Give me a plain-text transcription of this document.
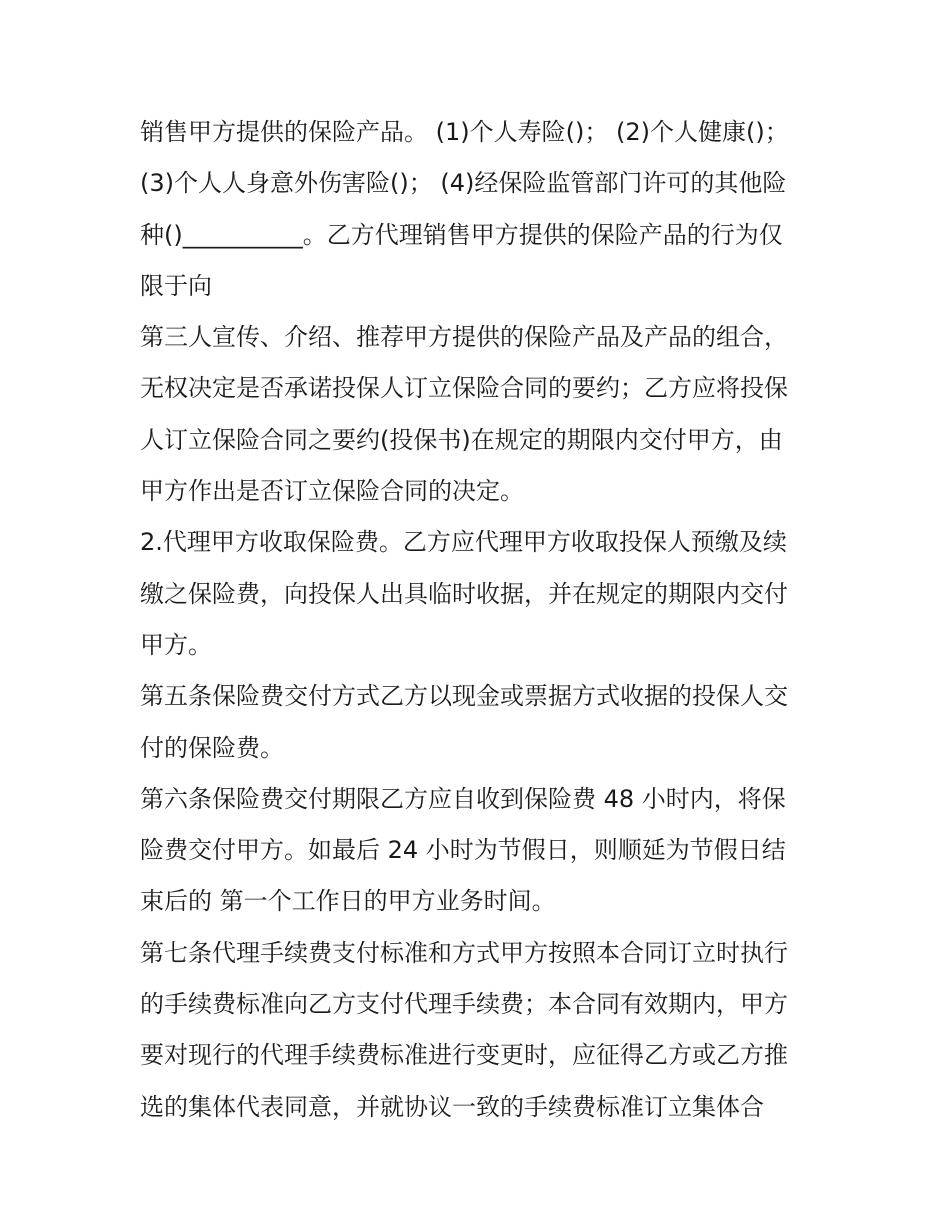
销售甲方提供的保险产品。 (1)个人寿险()； (2)个人健康()；
(3)个人人身意外伤害险()； (4)经保险监管部门许可的其他险
种()__________。乙方代理销售甲方提供的保险产品的行为仅
限于向
第三人宣传、介绍、推荐甲方提供的保险产品及产品的组合，
无权决定是否承诺投保人订立保险合同的要约；乙方应将投保
人订立保险合同之要约(投保书)在规定的期限内交付甲方，由
甲方作出是否订立保险合同的决定。
2.代理甲方收取保险费。乙方应代理甲方收取投保人预缴及续
缴之保险费，向投保人出具临时收据，并在规定的期限内交付
甲方。
第五条保险费交付方式乙方以现金或票据方式收据的投保人交
付的保险费。
第六条保险费交付期限乙方应自收到保险费 48 小时内，将保
险费交付甲方。如最后 24 小时为节假日，则顺延为节假日结
束后的 第一个工作日的甲方业务时间。
第七条代理手续费支付标准和方式甲方按照本合同订立时执行
的手续费标准向乙方支付代理手续费；本合同有效期内，甲方
要对现行的代理手续费标准进行变更时，应征得乙方或乙方推
选的集体代表同意，并就协议一致的手续费标准订立集体合
